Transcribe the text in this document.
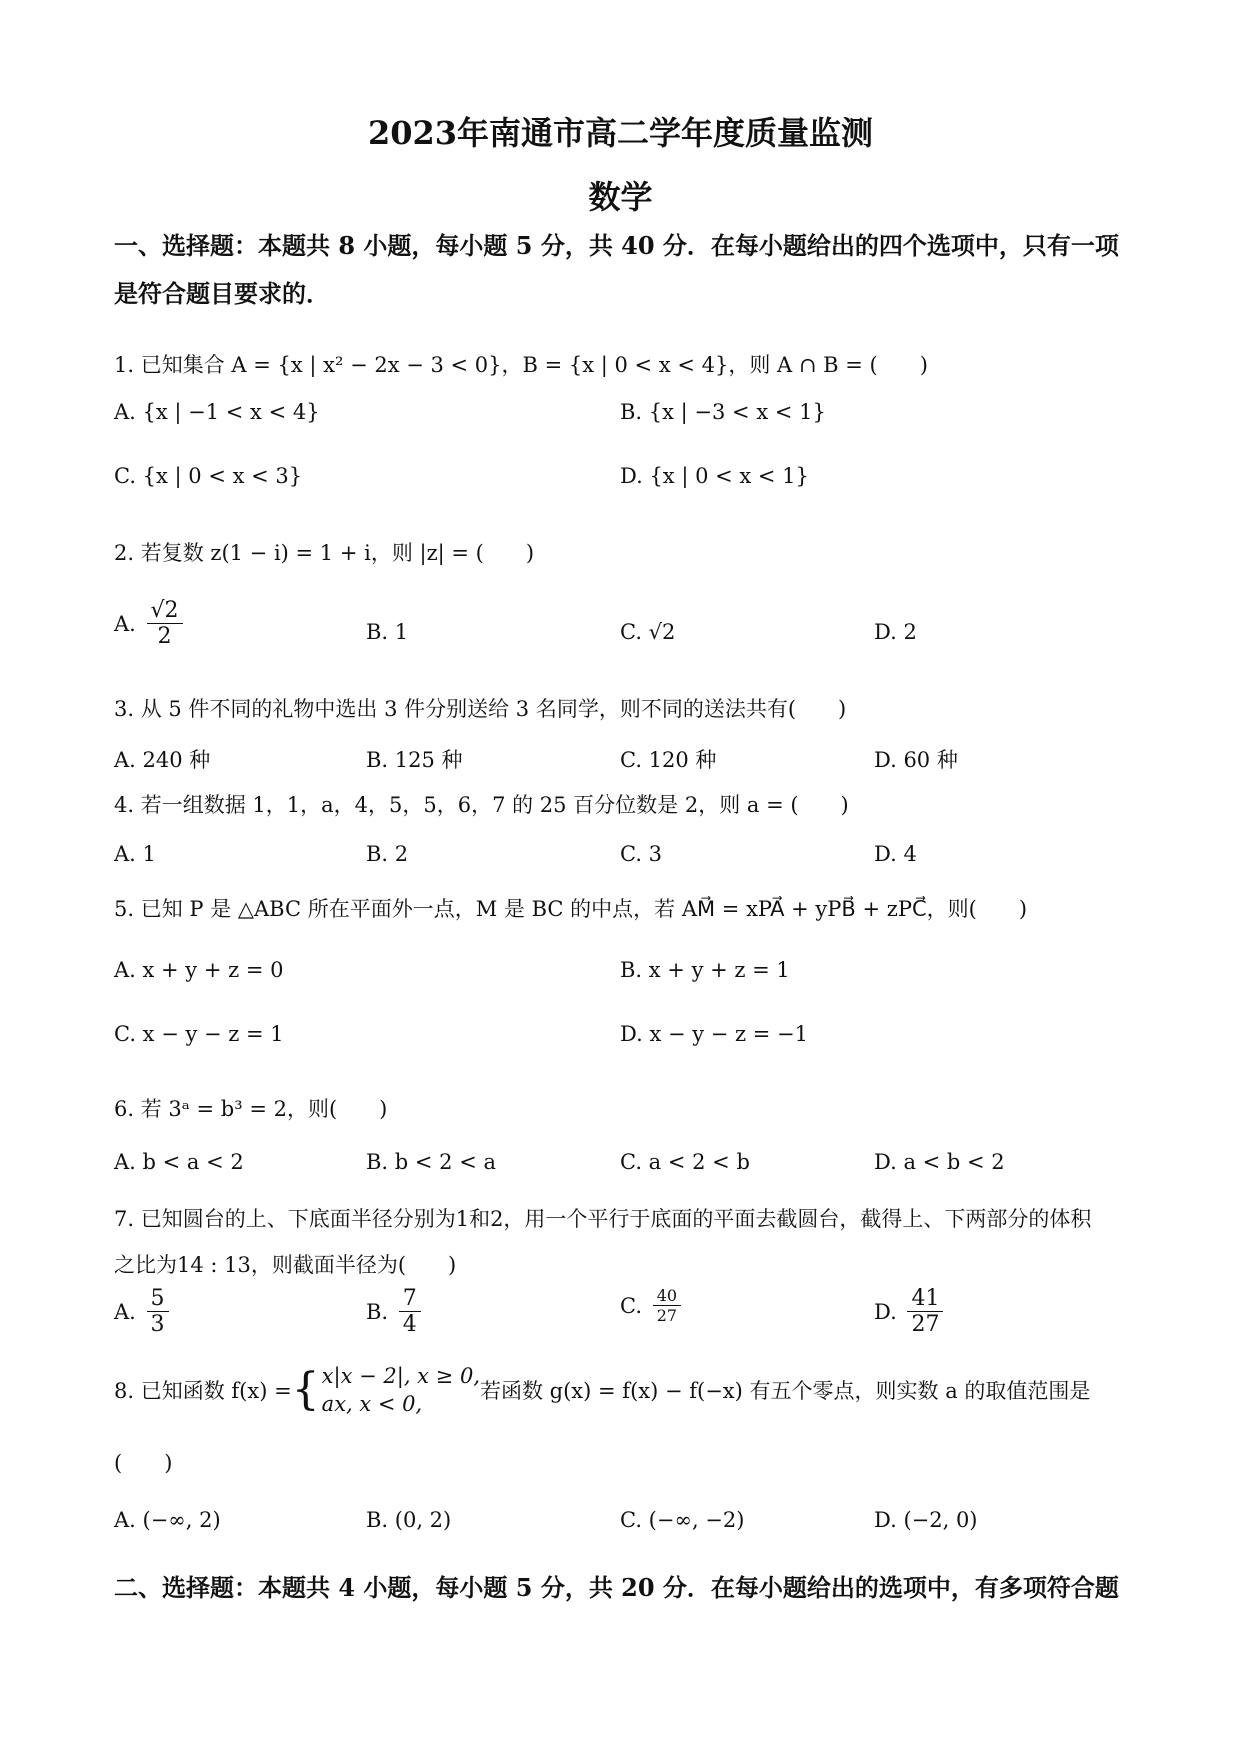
2023年南通市高二学年度质量监测
数学
一、选择题：本题共 8 小题，每小题 5 分，共 40 分．在每小题给出的四个选项中，只有一项
是符合题目要求的．
1. 已知集合 A = {x | x² − 2x − 3 < 0}，B = {x | 0 < x < 4}，则 A ∩ B = (　　)
A. {x | −1 < x < 4}	B. {x | −3 < x < 1}
C. {x | 0 < x < 3}	D. {x | 0 < x < 1}
2. 若复数 z(1 − i) = 1 + i，则 |z| = (　　)
A. $\frac{√2}{2}$	B. 1	C. √2	D. 2
3. 从 5 件不同的礼物中选出 3 件分别送给 3 名同学，则不同的送法共有(　　)
A. 240 种	B. 125 种	C. 120 种	D. 60 种
4. 若一组数据 1，1，a，4，5，5，6，7 的 25 百分位数是 2，则 a = (　　)
A. 1	B. 2	C. 3	D. 4
5. 已知 P 是 △ABC 所在平面外一点，M 是 BC 的中点，若 AM⃗ = xPA⃗ + yPB⃗ + zPC⃗，则(　　)
A. x + y + z = 0	B. x + y + z = 1
C. x − y − z = 1	D. x − y − z = −1
6. 若 3ᵃ = b³ = 2，则(　　)
A. b < a < 2	B. b < 2 < a	C. a < 2 < b	D. a < b < 2
7. 已知圆台的上、下底面半径分别为1和2，用一个平行于底面的平面去截圆台，截得上、下两部分的体积
之比为14 : 13，则截面半径为(　　)
A. $\frac{5}{3}$	B. $\frac{7}{4}$	C. $\frac{40}{27}$	D. $\frac{41}{27}$
8. 已知函数 f(x) ={ x|x − 2|, x ≥ 0,
ax, x < 0,
若函数 g(x) = f(x) − f(−x) 有五个零点，则实数 a 的取值范围是
(　　)
A. (−∞, 2)	B. (0, 2)	C. (−∞, −2)	D. (−2, 0)
二、选择题：本题共 4 小题，每小题 5 分，共 20 分．在每小题给出的选项中，有多项符合题
